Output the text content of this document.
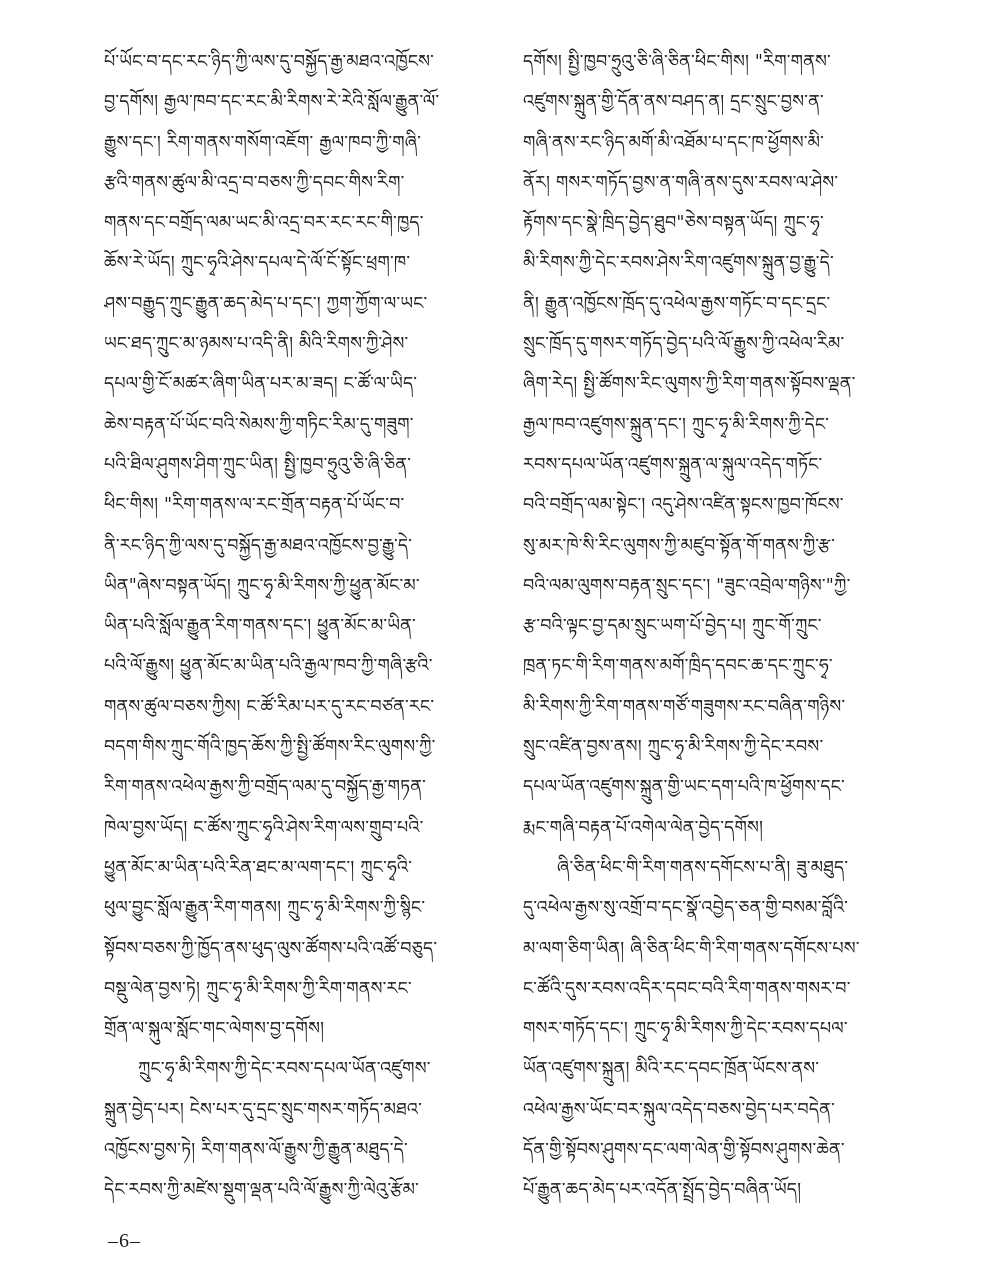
པོ་ཡོང་བ་དང་རང་ཉིད་ཀྱི་ལས་དུ་བསྐྱོད་རྒྱ་མཐའ་འཁྱོངས་
བྱ་དགོས། རྒྱལ་ཁབ་དང་རང་མི་རིགས་རེ་རེའི་སློལ་རྒྱུན་ལོ་
རྒྱུས་དང་། རིག་གནས་གསོག་འཇོག་ རྒྱལ་ཁབ་ཀྱི་གཞི་
རྩའི་གནས་ཚུལ་མི་འདྲ་བ་བཅས་ཀྱི་དབང་གིས་རིག་
གནས་དང་བགྲོད་ལམ་ཡང་མི་འདྲ་བར་རང་རང་གི་ཁྱད་
ཆོས་རེ་ཡོད། ཀྲུང་ཧྭའི་ཤེས་དཔལ་དེ་ལོ་ངོ་སྟོང་ཕྲག་ཁ་
ཤས་བརྒྱུད་ཀྲུང་རྒྱུན་ཆད་མེད་པ་དང་། ཀྱག་ཀྱོག་ལ་ཡང་
ཡང་ཐད་ཀྲུང་མ་ཉམས་པ་འདི་ནི། མིའི་རིགས་ཀྱི་ཤེས་
དཔལ་གྱི་ངོ་མཚར་ཞིག་ཡིན་པར་མ་ཟད། ང་ཚོ་ལ་ཡིད་
ཆེས་བརྟན་པོ་ཡོང་བའི་སེམས་ཀྱི་གཏིང་རིམ་དུ་གཟུག་
པའི་ཐིལ་ཤུགས་ཤིག་ཀྲུང་ཡིན། སྤྱི་ཁྱབ་ཧྲུའུ་ཅི་ཞི་ཅིན་
ཕིང་གིས། "རིག་གནས་ལ་རང་གྲོན་བརྟན་པོ་ཡོང་བ་
ནི་རང་ཉིད་ཀྱི་ལས་དུ་བསྐྱོད་རྒྱ་མཐའ་འཁྱོངས་བྱ་རྒྱུ་དེ་
ཡིན"ཞེས་བསྟན་ཡོད། ཀྲུང་ཧྭ་མི་རིགས་ཀྱི་ཕྱུན་མོང་མ་
ཡིན་པའི་སློལ་རྒྱུན་རིག་གནས་དང་། ཕྱུན་མོང་མ་ཡིན་
པའི་ལོ་རྒྱུས། ཕྱུན་མོང་མ་ཡིན་པའི་རྒྱལ་ཁབ་ཀྱི་གཞི་རྩའི་
གནས་ཚུལ་བཅས་ཀྱིས། ང་ཚོ་རིམ་པར་དུ་རང་བཙན་རང་
བདག་གིས་ཀྲུང་གོའི་ཁྱད་ཆོས་ཀྱི་སྤྱི་ཚོགས་རིང་ལུགས་ཀྱི་
རིག་གནས་འཕེལ་རྒྱས་ཀྱི་བགྲོད་ལམ་དུ་བསྐྱོད་རྒྱ་གཏན་
ཁེལ་བྱས་ཡོད། ང་ཚོས་ཀྲུང་ཧྭའི་ཤེས་རིག་ལས་གྲུབ་པའི་
ཕྱུན་མོང་མ་ཡིན་པའི་རིན་ཐང་མ་ལག་དང་། ཀྲུང་ཧྭའི་
ཕུལ་བྱུང་སློལ་རྒྱུན་རིག་གནས། ཀྲུང་ཧྭ་མི་རིགས་ཀྱི་སྙིང་
སྟོབས་བཅས་ཀྱི་ཁྱོད་ནས་ཕུད་ལུས་ཚོགས་པའི་འཚོ་བཅུད་
བསྡུ་ལེན་བྱས་ཏེ། ཀྲུང་ཧྭ་མི་རིགས་ཀྱི་རིག་གནས་རང་
གྲོན་ལ་སྐུལ་སློང་གང་ལེགས་བྱ་དགོས།
ཀྲུང་ཧྭ་མི་རིགས་ཀྱི་དེང་རབས་དཔལ་ཡོན་འཛུགས་
སྐྲུན་བྱེད་པར། ངེས་པར་དུ་དྲང་སྲུང་གསར་གཏོད་མཐའ་
འཁྱོངས་བྱས་ཏེ། རིག་གནས་ལོ་རྒྱུས་ཀྱི་རྒྱུན་མཐུད་དེ་
དེང་རབས་ཀྱི་མཛེས་སྡུག་ལྡན་པའི་ལོ་རྒྱུས་ཀྱི་ལེའུ་རྩོམ་
དགོས། སྤྱི་ཁྱབ་ཧྲུའུ་ཅི་ཞི་ཅིན་ཕིང་གིས། "རིག་གནས་
འཛུགས་སྐྲུན་གྱི་དོན་ནས་བཤད་ན། དྲང་སྲུང་བྱས་ན་
གཞི་ནས་རང་ཉིད་མགོ་མི་འཐོམ་པ་དང་ཁ་ཕྱོགས་མི་
ནོར། གསར་གཏོད་བྱས་ན་གཞི་ནས་དུས་རབས་ལ་ཤེས་
རྟོགས་དང་སྣེ་ཁྲིད་བྱེད་ཐུབ"ཅེས་བསྟན་ཡོད། ཀྲུང་ཧྭ་
མི་རིགས་ཀྱི་དེང་རབས་ཤེས་རིག་འཛུགས་སྐྲུན་བྱ་རྒྱུ་དེ་
ནི། རྒྱུན་འཁྱོངས་ཁྲོད་དུ་འཕེལ་རྒྱས་གཏོང་བ་དང་དྲང་
སྲུང་ཁྲོད་དུ་གསར་གཏོད་བྱེད་པའི་ལོ་རྒྱུས་ཀྱི་འཕེལ་རིམ་
ཞིག་རེད། སྤྱི་ཚོགས་རིང་ལུགས་ཀྱི་རིག་གནས་སྟོབས་ལྡན་
རྒྱལ་ཁབ་འཛུགས་སྐྲུན་དང་། ཀྲུང་ཧྭ་མི་རིགས་ཀྱི་དེང་
རབས་དཔལ་ཡོན་འཛུགས་སྐྲུན་ལ་སྐུལ་འདེད་གཏོང་
བའི་བགྲོད་ལམ་སྟེང་། འདུ་ཤེས་འཛིན་སྟངས་ཁྱབ་ཁོངས་
སུ་མར་ཁེ་སི་རིང་ལུགས་ཀྱི་མཛུབ་སྟོན་གོ་གནས་ཀྱི་རྩ་
བའི་ལམ་ལུགས་བརྟན་སྲུང་དང་། "ཟུང་འབྲེལ་གཉིས་"ཀྱི་
རྩ་བའི་ལྟང་བྱ་དམ་སྲུང་ཡག་པོ་བྱེད་པ། ཀྲུང་གོ་ཀྲུང་
ཁྲན་ཏང་གི་རིག་གནས་མགོ་ཁྲིད་དབང་ཆ་དང་ཀྲུང་ཧྭ་
མི་རིགས་ཀྱི་རིག་གནས་གཙོ་གཟུགས་རང་བཞིན་གཉིས་
སྲུང་འཛིན་བྱས་ནས། ཀྲུང་ཧྭ་མི་རིགས་ཀྱི་དེང་རབས་
དཔལ་ཡོན་འཛུགས་སྐྲུན་གྱི་ཡང་དག་པའི་ཁ་ཕྱོགས་དང་
རྨང་གཞི་བརྟན་པོ་འགེལ་ལེན་བྱེད་དགོས།
ཞི་ཅིན་ཕིང་གི་རིག་གནས་དགོངས་པ་ནི། ཟུ་མཐུད་
དུ་འཕེལ་རྒྱས་སུ་འགྲོ་བ་དང་སྣོ་འབྱེད་ཅན་གྱི་བསམ་བློའི་
མ་ལག་ཅིག་ཡིན། ཞི་ཅིན་ཕིང་གི་རིག་གནས་དགོངས་པས་
ང་ཚོའི་དུས་རབས་འདིར་དབང་བའི་རིག་གནས་གསར་བ་
གསར་གཏོད་དང་། ཀྲུང་ཧྭ་མི་རིགས་ཀྱི་དེང་རབས་དཔལ་
ཡོན་འཛུགས་སྐྲུན། མིའི་རང་དབང་ཁྲོན་ཡོངས་ནས་
འཕེལ་རྒྱས་ཡོང་བར་སྐུལ་འདེད་བཅས་བྱེད་པར་བདེན་
དོན་གྱི་སྟོབས་ཤུགས་དང་ལག་ལེན་གྱི་སྟོབས་ཤུགས་ཆེན་
པོ་རྒྱུན་ཆད་མེད་པར་འདོན་སྤྲོད་བྱེད་བཞིན་ཡོད།
–6–
